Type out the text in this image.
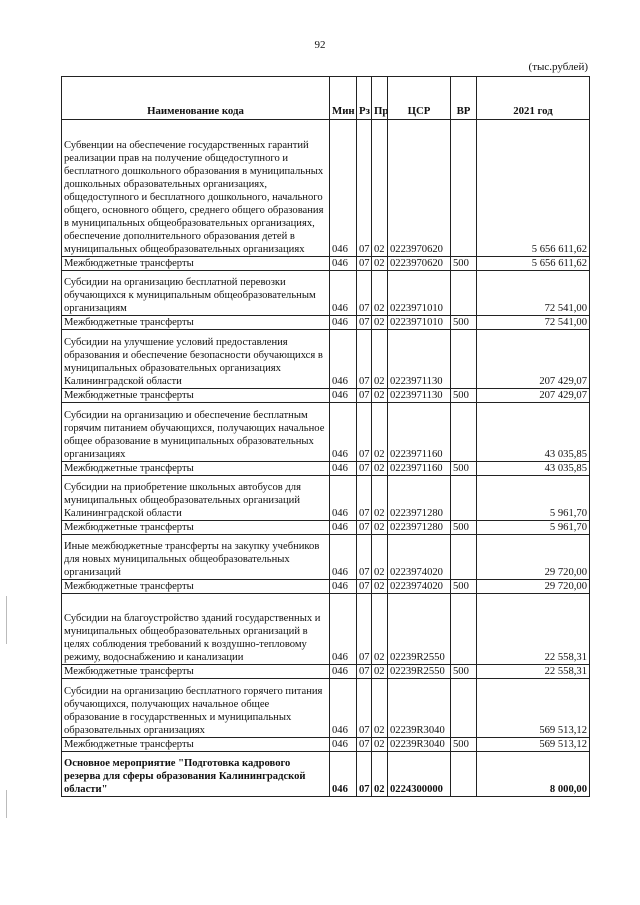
92
(тыс.рублей)
Наименование кода	Мин	Рз	Пр	ЦСР	ВР	2021 год
Субвенции на обеспечение государственных гарантий реализации прав на получение общедоступного и бесплатного дошкольного образования в муниципальных дошкольных образовательных организациях, общедоступного и бесплатного дошкольного, начального общего, основного общего, среднего общего образования в муниципальных общеобразовательных организациях, обеспечение дополнительного образования детей в муниципальных общеобразовательных организациях	046	07	02	0223970620		5 656 611,62
Межбюджетные трансферты	046	07	02	0223970620	500	5 656 611,62
Субсидии на организацию бесплатной перевозки обучающихся к муниципальным общеобразовательным организациям	046	07	02	0223971010		72 541,00
Межбюджетные трансферты	046	07	02	0223971010	500	72 541,00
Субсидии на улучшение условий предоставления образования и обеспечение безопасности обучающихся в муниципальных образовательных организациях Калининградской области	046	07	02	0223971130		207 429,07
Межбюджетные трансферты	046	07	02	0223971130	500	207 429,07
Субсидии на организацию и обеспечение бесплатным горячим питанием обучающихся, получающих начальное общее образование в муниципальных образовательных организациях	046	07	02	0223971160		43 035,85
Межбюджетные трансферты	046	07	02	0223971160	500	43 035,85
Субсидии на приобретение школьных автобусов для муниципальных общеобразовательных организаций Калининградской области	046	07	02	0223971280		5 961,70
Межбюджетные трансферты	046	07	02	0223971280	500	5 961,70
Иные межбюджетные трансферты на закупку учебников для новых муниципальных общеобразовательных организаций	046	07	02	0223974020		29 720,00
Межбюджетные трансферты	046	07	02	0223974020	500	29 720,00
Субсидии на благоустройство зданий государственных и муниципальных общеобразовательных организаций в целях соблюдения требований к воздушно-тепловому режиму, водоснабжению и канализации	046	07	02	02239R2550		22 558,31
Межбюджетные трансферты	046	07	02	02239R2550	500	22 558,31
Субсидии на организацию бесплатного горячего питания обучающихся, получающих начальное общее образование в государственных и муниципальных образовательных организациях	046	07	02	02239R3040		569 513,12
Межбюджетные трансферты	046	07	02	02239R3040	500	569 513,12
Основное мероприятие "Подготовка кадрового резерва для сферы образования Калининградской области"	046	07	02	0224300000		8 000,00
